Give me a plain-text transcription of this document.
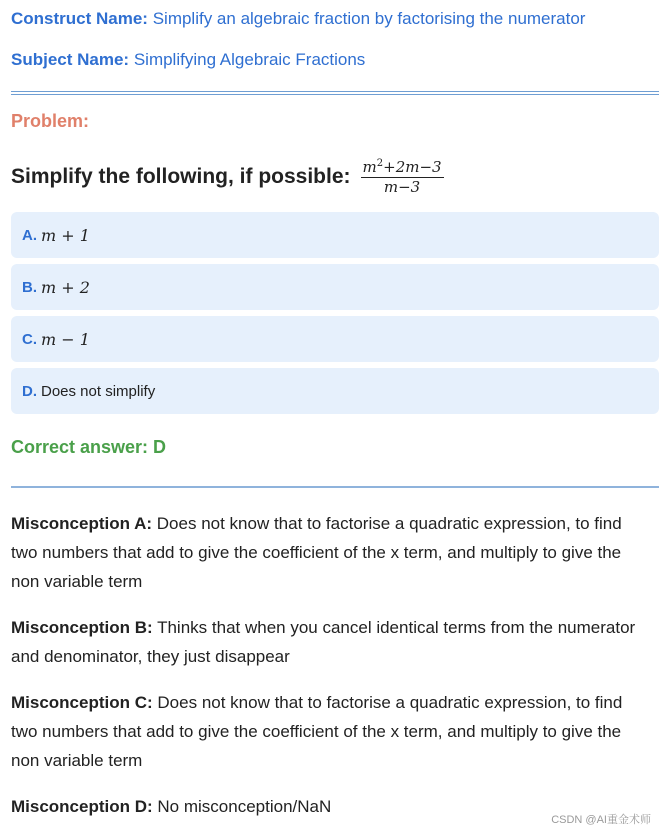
Construct Name: Simplify an algebraic fraction by factorising the numerator
Subject Name: Simplifying Algebraic Fractions
Problem:
Simplify the following, if possible: $\frac{m^2+2m-3}{m-3}$
A. m + 1
B. m + 2
C. m − 1
D. Does not simplify
Correct answer: D
Misconception A: Does not know that to factorise a quadratic expression, to find two numbers that add to give the coefficient of the x term, and multiply to give the non variable term
Misconception B: Thinks that when you cancel identical terms from the numerator and denominator, they just disappear
Misconception C: Does not know that to factorise a quadratic expression, to find two numbers that add to give the coefficient of the x term, and multiply to give the non variable term
Misconception D: No misconception/NaN
CSDN @AI重金术师
